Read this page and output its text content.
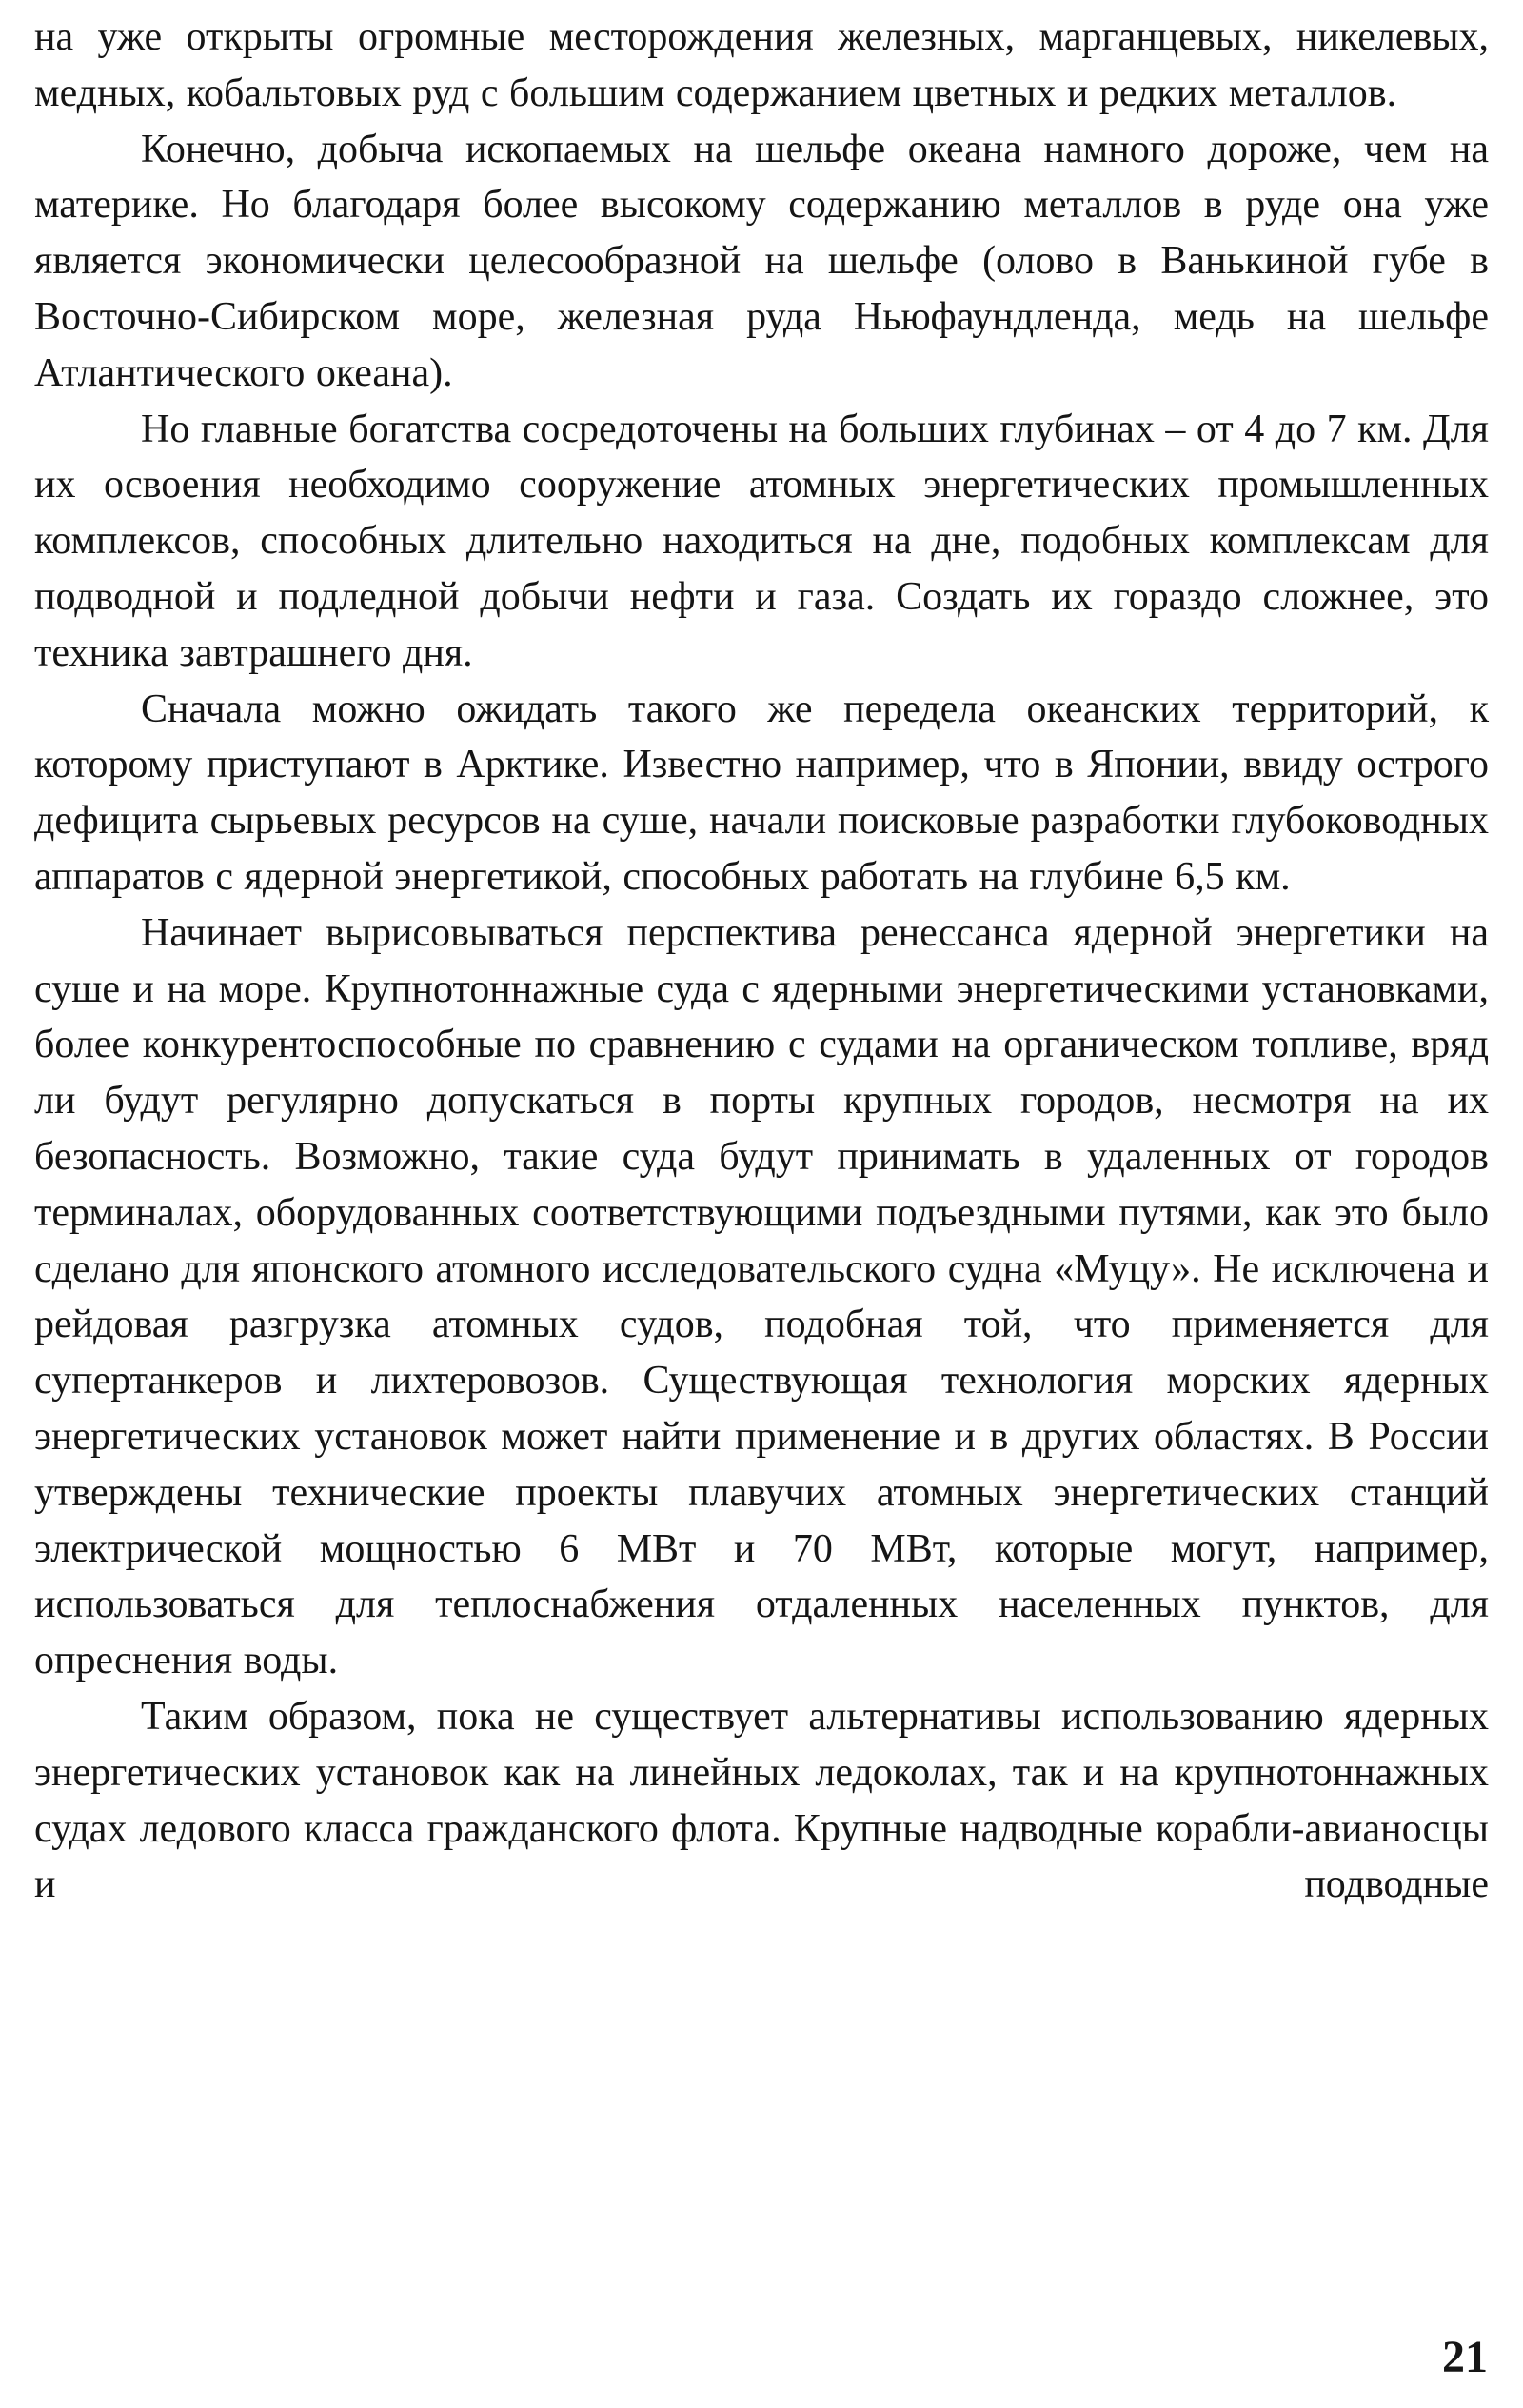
на уже открыты огромные месторождения железных, марганцевых, никелевых, медных, кобальтовых руд с большим содержанием цветных и редких металлов.

Конечно, добыча ископаемых на шельфе океана намного дороже, чем на материке. Но благодаря более высокому содержанию металлов в руде она уже является экономически целесообразной на шельфе (олово в Ванькиной губе в Восточно-Сибирском море, железная руда Ньюфаундленда, медь на шельфе Атлантического океана).

Но главные богатства сосредоточены на больших глубинах – от 4 до 7 км. Для их освоения необходимо сооружение атомных энергетических промышленных комплексов, способных длительно находиться на дне, подобных комплексам для подводной и подледной добычи нефти и газа. Создать их гораздо сложнее, это техника завтрашнего дня.

Сначала можно ожидать такого же передела океанских территорий, к которому приступают в Арктике. Известно например, что в Японии, ввиду острого дефицита сырьевых ресурсов на суше, начали поисковые разработки глубоководных аппаратов с ядерной энергетикой, способных работать на глубине 6,5 км.

Начинает вырисовываться перспектива ренессанса ядерной энергетики на суше и на море. Крупнотоннажные суда с ядерными энергетическими установками, более конкурентоспособные по сравнению с судами на органическом топливе, вряд ли будут регулярно допускаться в порты крупных городов, несмотря на их безопасность. Возможно, такие суда будут принимать в удаленных от городов терминалах, оборудованных соответствующими подъездными путями, как это было сделано для японского атомного исследовательского судна «Муцу». Не исключена и рейдовая разгрузка атомных судов, подобная той, что применяется для супертанкеров и лихтеровозов. Существующая технология морских ядерных энергетических установок может найти применение и в других областях. В России утверждены технические проекты плавучих атомных энергетических станций электрической мощностью 6 МВт и 70 МВт, которые могут, например, использоваться для теплоснабжения отдаленных населенных пунктов, для опреснения воды.

Таким образом, пока не существует альтернативы использованию ядерных энергетических установок как на линейных ледоколах, так и на крупнотоннажных судах ледового класса гражданского флота. Крупные надводные корабли-авианосцы и подводные

21
